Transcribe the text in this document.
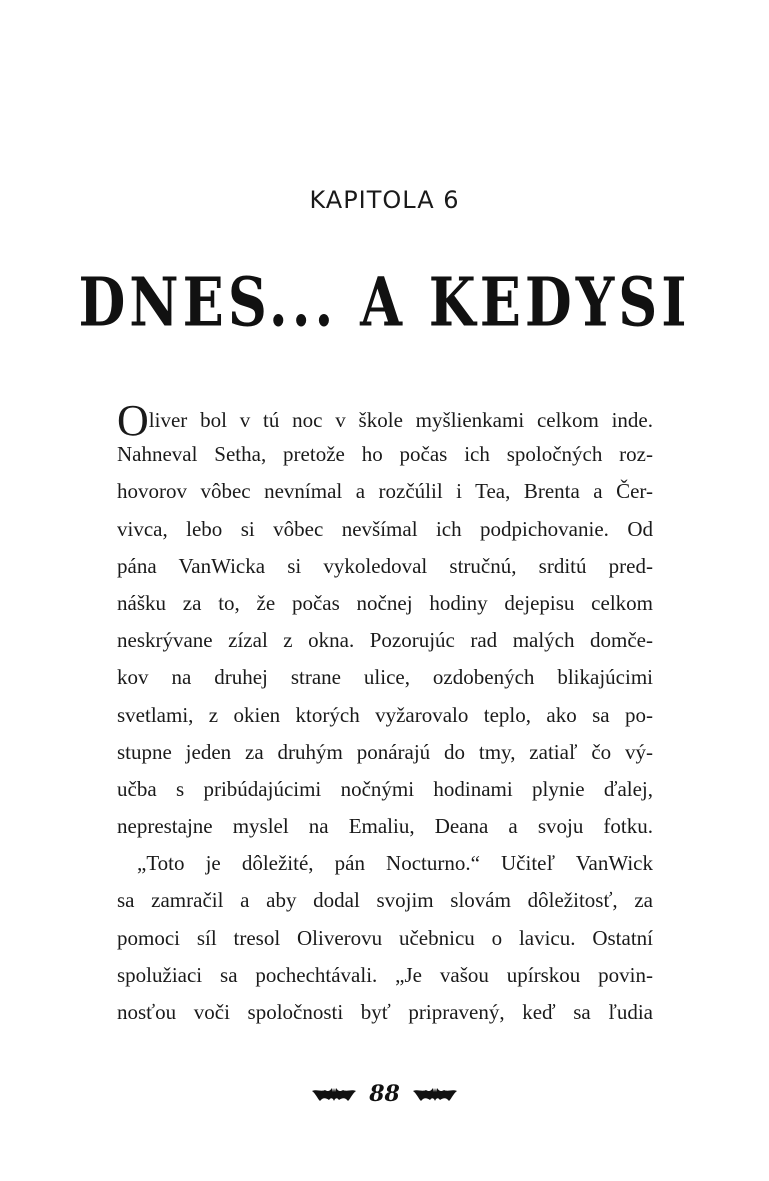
KAPITOLA 6
DNES... A KEDYSI
Oliver bol v tú noc v škole myšlienkami celkom inde.
Nahneval Setha, pretože ho počas ich spoločných roz-
hovorov vôbec nevnímal a rozčúlil i Tea, Brenta a Čer-
vivca, lebo si vôbec nevšímal ich podpichovanie. Od
pána VanWicka si vykoledoval stručnú, srditú pred-
nášku za to, že počas nočnej hodiny dejepisu celkom
neskrývane zízal z okna. Pozorujúc rad malých domče-
kov na druhej strane ulice, ozdobených blikajúcimi
svetlami, z okien ktorých vyžarovalo teplo, ako sa po-
stupne jeden za druhým ponárajú do tmy, zatiaľ čo vý-
učba s pribúdajúcimi nočnými hodinami plynie ďalej,
neprestajne myslel na Emaliu, Deana a svoju fotku.
„Toto je dôležité, pán Nocturno.“ Učiteľ VanWick
sa zamračil a aby dodal svojim slovám dôležitosť, za
pomoci síl tresol Oliverovu učebnicu o lavicu. Ostatní
spolužiaci sa pochechtávali. „Je vašou upírskou povin-
nosťou voči spoločnosti byť pripravený, keď sa ľudia
88
